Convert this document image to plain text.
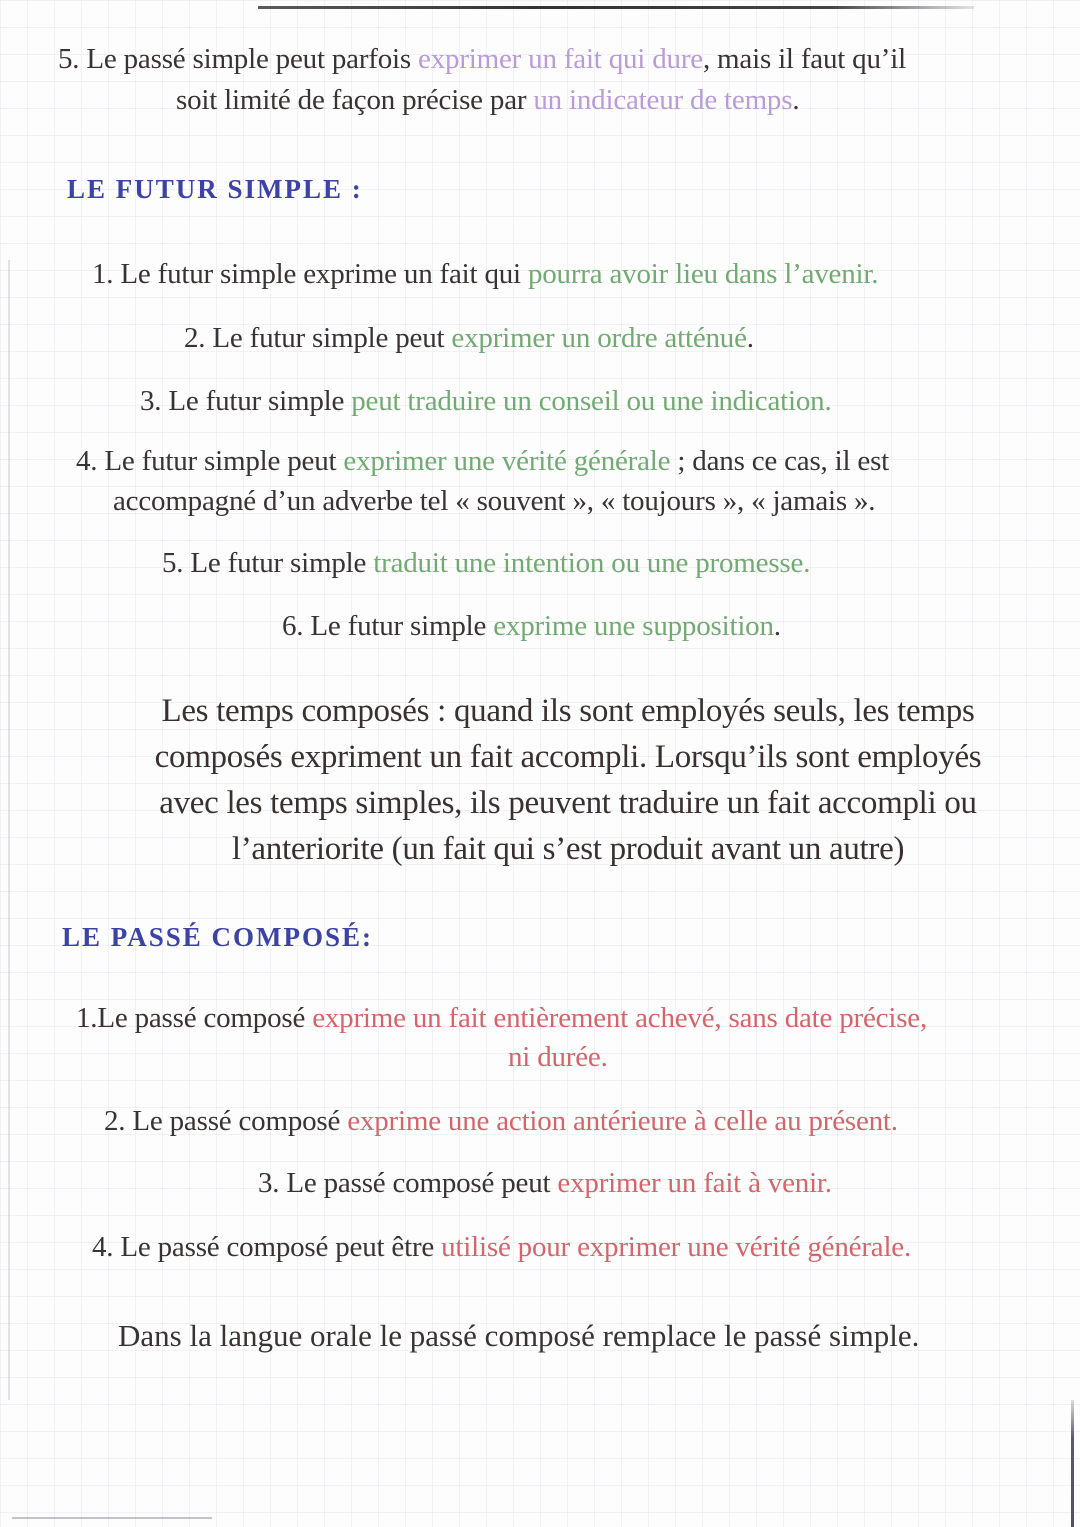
5. Le passé simple peut parfois exprimer un fait qui dure, mais il faut qu’il
soit limité de façon précise par un indicateur de temps.
LE FUTUR SIMPLE :
1. Le futur simple exprime un fait qui pourra avoir lieu dans l’avenir.
2. Le futur simple peut exprimer un ordre atténué.
3. Le futur simple peut traduire un conseil ou une indication.
4. Le futur simple peut exprimer une vérité générale ; dans ce cas, il est
accompagné d’un adverbe tel « souvent », « toujours », « jamais ».
5. Le futur simple traduit une intention ou une promesse.
6. Le futur simple exprime une supposition.
Les temps composés : quand ils sont employés seuls, les temps
composés expriment un fait accompli. Lorsqu’ils sont employés
avec les temps simples, ils peuvent traduire un fait accompli ou
l’anteriorite (un fait qui s’est produit avant un autre)
LE PASSÉ COMPOSÉ:
1.Le passé composé exprime un fait entièrement achevé, sans date précise,
ni durée.
2. Le passé composé exprime une action antérieure à celle au présent.
3. Le passé composé peut exprimer un fait à venir.
4. Le passé composé peut être utilisé pour exprimer une vérité générale.
Dans la langue orale le passé composé remplace le passé simple.
